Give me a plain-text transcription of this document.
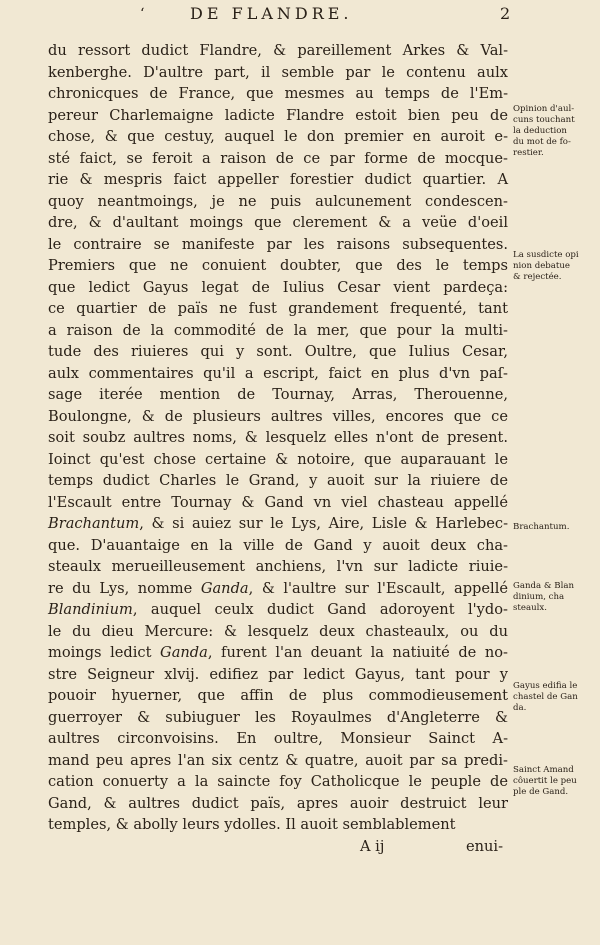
‘	DE FLANDRE.	2
du ressort dudict Flandre, & pareillement Arkes & Val-
kenberghe. D'aultre part, il semble par le contenu aulx
chronicques de France, que mesmes au temps de l'Em-
pereur Charlemaigne ladicte Flandre estoit bien peu de
chose, & que cestuy, auquel le don premier en auroit e-
sté faict, se feroit a raison de ce par forme de mocque-
rie & mespris faict appeller forestier dudict quartier. A
quoy neantmoings, je ne puis aulcunement condescen-
dre, & d'aultant moings que clerement & a veüe d'oeil
le contraire se manifeste par les raisons subsequentes.
Premiers que ne conuient doubter, que des le temps
que ledict Gayus legat de Iulius Cesar vient pardeça:
ce quartier de païs ne fust grandement frequenté, tant
a raison de la commodité de la mer, que pour la multi-
tude des riuieres qui y sont. Oultre, que Iulius Cesar,
aulx commentaires qu'il a escript, faict en plus d'vn paſ-
sage iterée mention de Tournay, Arras, Therouenne,
Boulongne, & de plusieurs aultres villes, encores que ce
soit soubz aultres noms, & lesquelz elles n'ont de present.
Ioinct qu'est chose certaine & notoire, que auparauant le
temps dudict Charles le Grand, y auoit sur la riuiere de
l'Escault entre Tournay & Gand vn viel chasteau appellé
Brachantum, & si auiez sur le Lys, Aire, Lisle & Harlebec-
que. D'auantaige en la ville de Gand y auoit deux cha-
steaulx merueilleusement anchiens, l'vn sur ladicte riuie-
re du Lys, nomme Ganda, & l'aultre sur l'Escault, appellé
Blandinium, auquel ceulx dudict Gand adoroyent l'ydo-
le du dieu Mercure: & lesquelz deux chasteaulx, ou du
moings ledict Ganda, furent l'an deuant la natiuité de no-
stre Seigneur xlvij. edifiez par ledict Gayus, tant pour y
pouoir hyuerner, que affin de plus commodieusement
guerroyer & subiuguer les Royaulmes d'Angleterre &
aultres circonvoisins. En oultre, Monsieur Sainct A-
mand peu apres l'an six centz & quatre, auoit par sa predi-
cation conuerty a la saincte foy Catholicque le peuple de
Gand, & aultres dudict païs, apres auoir destruict leur
temples, & abolly leurs ydolles. Il auoit semblablement
A ij	enui-
Opinion d'aul-
cuns touchant
la deduction
du mot de fo-
restier.
La susdicte opi
nion debatue
& rejectée.
Brachantum.
Ganda & Blan
dinium, cha
steaulx.
Gayus edifia le
chastel de Gan
da.
Sainct Amand
côuertit le peu
ple de Gand.
